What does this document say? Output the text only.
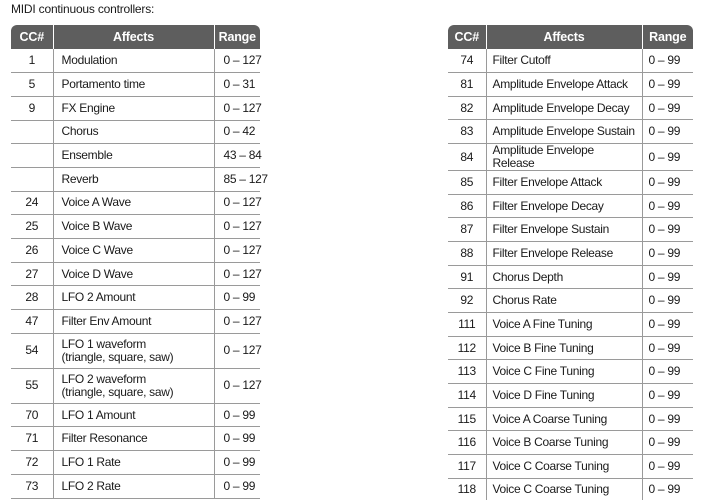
MIDI continuous controllers:
CC#	Affects	Range
1	Modulation	0 – 127
5	Portamento time	0 – 31
9	FX Engine	0 – 127

	Chorus	0 – 42

	Ensemble	43 – 84

	Reverb	85 – 127
24	Voice A Wave	0 – 127
25	Voice B Wave	0 – 127
26	Voice C Wave	0 – 127
27	Voice D Wave	0 – 127
28	LFO 2 Amount	0 – 99
47	Filter Env Amount	0 – 127
54	LFO 1 waveform
(triangle, square, saw)	0 – 127
55	LFO 2 waveform
(triangle, square, saw)	0 – 127
70	LFO 1 Amount	0 – 99
71	Filter Resonance	0 – 99
72	LFO 1 Rate	0 – 99
73	LFO 2 Rate	0 – 99
CC#	Affects	Range
74	Filter Cutoff	0 – 99
81	Amplitude Envelope Attack	0 – 99
82	Amplitude Envelope Decay	0 – 99
83	Amplitude Envelope Sustain	0 – 99
84	Amplitude Envelope Release	0 – 99
85	Filter Envelope Attack	0 – 99
86	Filter Envelope Decay	0 – 99
87	Filter Envelope Sustain	0 – 99
88	Filter Envelope Release	0 – 99
91	Chorus Depth	0 – 99
92	Chorus Rate	0 – 99
111	Voice A Fine Tuning	0 – 99
112	Voice B Fine Tuning	0 – 99
113	Voice C Fine Tuning	0 – 99
114	Voice D Fine Tuning	0 – 99
115	Voice A Coarse Tuning	0 – 99
116	Voice B Coarse Tuning	0 – 99
117	Voice C Coarse Tuning	0 – 99
118	Voice C Coarse Tuning	0 – 99
